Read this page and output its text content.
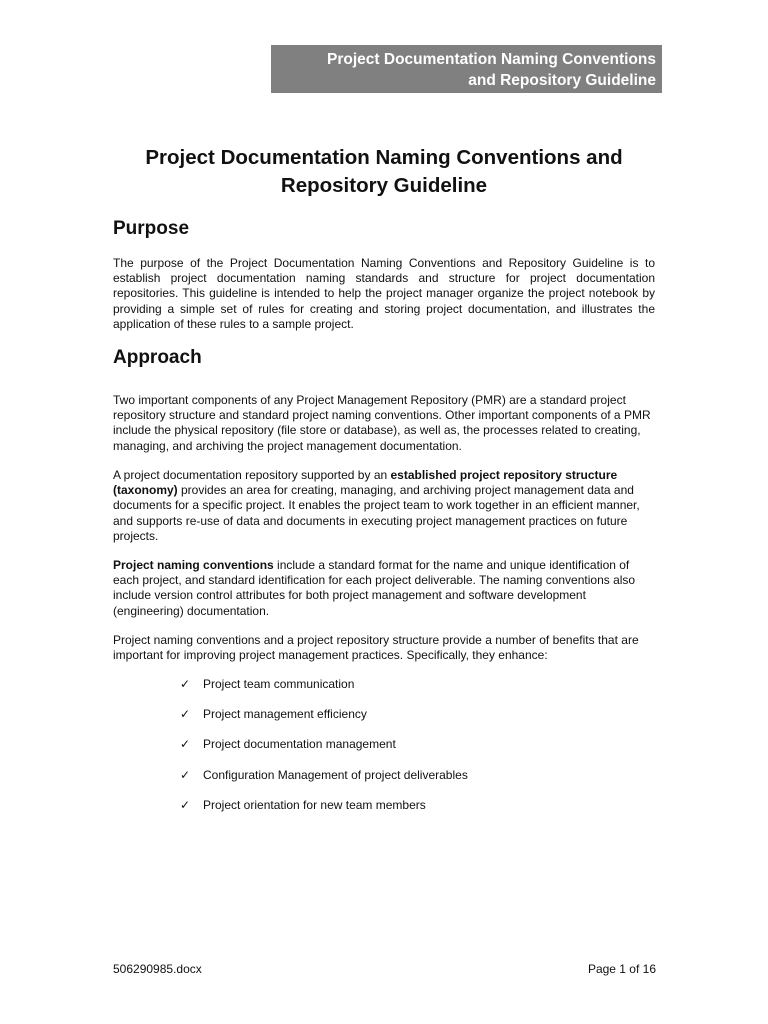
Project Documentation Naming Conventions
and Repository Guideline
Project Documentation Naming Conventions and
Repository Guideline
Purpose

The purpose of the Project Documentation Naming Conventions and Repository Guideline is to establish project documentation naming standards and structure for project documentation repositories. This guideline is intended to help the project manager organize the project notebook by providing a simple set of rules for creating and storing project documentation, and illustrates the application of these rules to a sample project.

Approach

Two important components of any Project Management Repository (PMR) are a standard project repository structure and standard project naming conventions. Other important components of a PMR include the physical repository (file store or database), as well as, the processes related to creating, managing, and archiving the project management documentation.

A project documentation repository supported by an established project repository structure (taxonomy) provides an area for creating, managing, and archiving project management data and documents for a specific project. It enables the project team to work together in an efficient manner, and supports re-use of data and documents in executing project management practices on future projects.

Project naming conventions include a standard format for the name and unique identification of each project, and standard identification for each project deliverable. The naming conventions also include version control attributes for both project management and software development (engineering) documentation.

Project naming conventions and a project repository structure provide a number of benefits that are important for improving project management practices. Specifically, they enhance:

✓	Project team communication
✓	Project management efficiency
✓	Project documentation management
✓	Configuration Management of project deliverables
✓	Project orientation for new team members
506290985.docx	Page 1 of 16
